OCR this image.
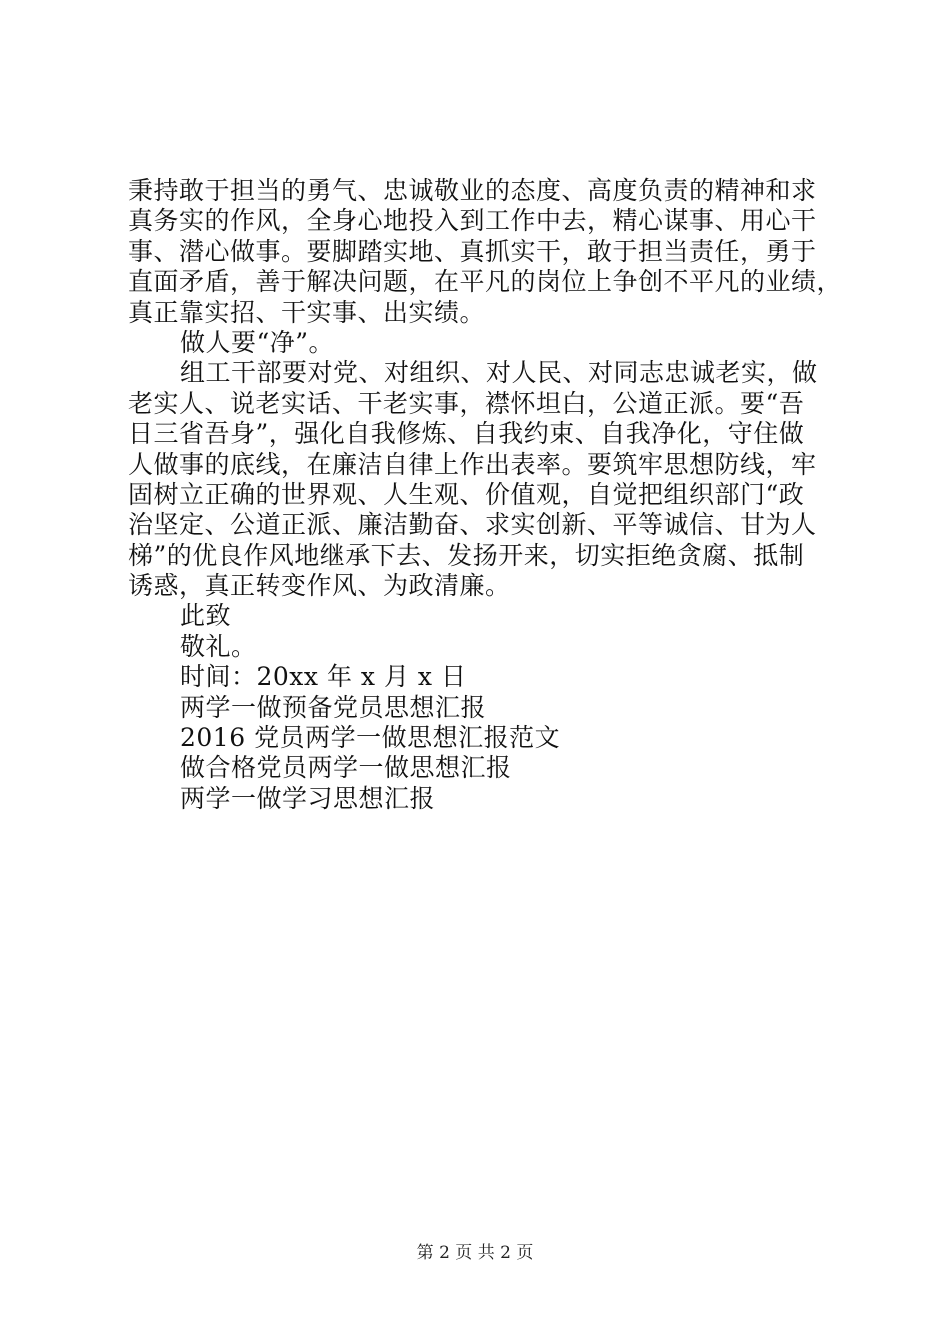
秉持敢于担当的勇气、忠诚敬业的态度、高度负责的精神和求
真务实的作风，全身心地投入到工作中去，精心谋事、用心干
事、潜心做事。要脚踏实地、真抓实干，敢于担当责任，勇于
直面矛盾，善于解决问题，在平凡的岗位上争创不平凡的业绩，
真正靠实招、干实事、出实绩。
做人要“净”。
组工干部要对党、对组织、对人民、对同志忠诚老实，做
老实人、说老实话、干老实事，襟怀坦白，公道正派。要“吾
日三省吾身”，强化自我修炼、自我约束、自我净化，守住做
人做事的底线，在廉洁自律上作出表率。要筑牢思想防线，牢
固树立正确的世界观、人生观、价值观，自觉把组织部门“政
治坚定、公道正派、廉洁勤奋、求实创新、平等诚信、甘为人
梯”的优良作风地继承下去、发扬开来，切实拒绝贪腐、抵制
诱惑，真正转变作风、为政清廉。
此致
敬礼。
时间：20xx 年 x 月 x 日
两学一做预备党员思想汇报
2016 党员两学一做思想汇报范文
做合格党员两学一做思想汇报
两学一做学习思想汇报
第 2 页 共 2 页
